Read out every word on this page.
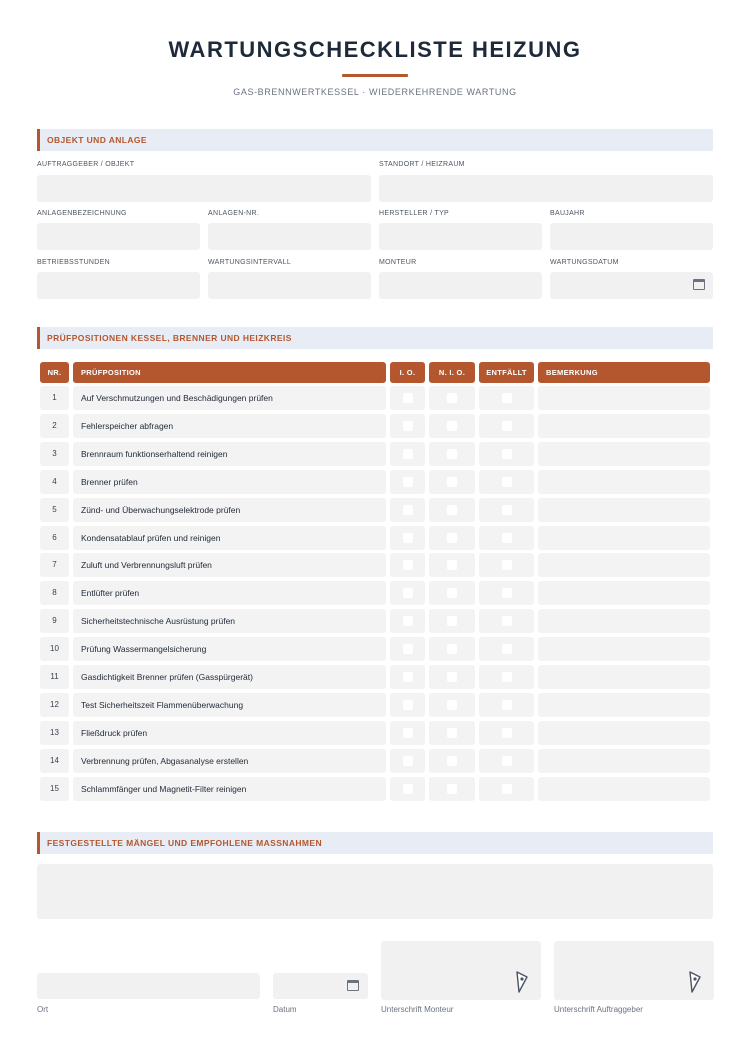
WARTUNGSCHECKLISTE HEIZUNG
GAS-BRENNWERTKESSEL · WIEDERKEHRENDE WARTUNG
OBJEKT UND ANLAGE
AUFTRAGGEBER / OBJEKT	STANDORT / HEIZRAUM
ANLAGENBEZEICHNUNG	ANLAGEN-NR.	HERSTELLER / TYP	BAUJAHR
BETRIEBSSTUNDEN	WARTUNGSINTERVALL	MONTEUR	WARTUNGSDATUM
PRÜFPOSITIONEN KESSEL, BRENNER UND HEIZKREIS
NR.	PRÜFPOSITION	I. O.	N. I. O.	ENTFÄLLT	BEMERKUNG
1	Auf Verschmutzungen und Beschädigungen prüfen
2	Fehlerspeicher abfragen
3	Brennraum funktionserhaltend reinigen
4	Brenner prüfen
5	Zünd- und Überwachungselektrode prüfen
6	Kondensatablauf prüfen und reinigen
7	Zuluft und Verbrennungsluft prüfen
8	Entlüfter prüfen
9	Sicherheitstechnische Ausrüstung prüfen
10	Prüfung Wassermangelsicherung
11	Gasdichtigkeit Brenner prüfen (Gasspürgerät)
12	Test Sicherheitszeit Flammenüberwachung
13	Fließdruck prüfen
14	Verbrennung prüfen, Abgasanalyse erstellen
15	Schlammfänger und Magnetit-Filter reinigen
FESTGESTELLTE MÄNGEL UND EMPFOHLENE MASSNAHMEN
Ort	Datum	Unterschrift Monteur	Unterschrift Auftraggeber
